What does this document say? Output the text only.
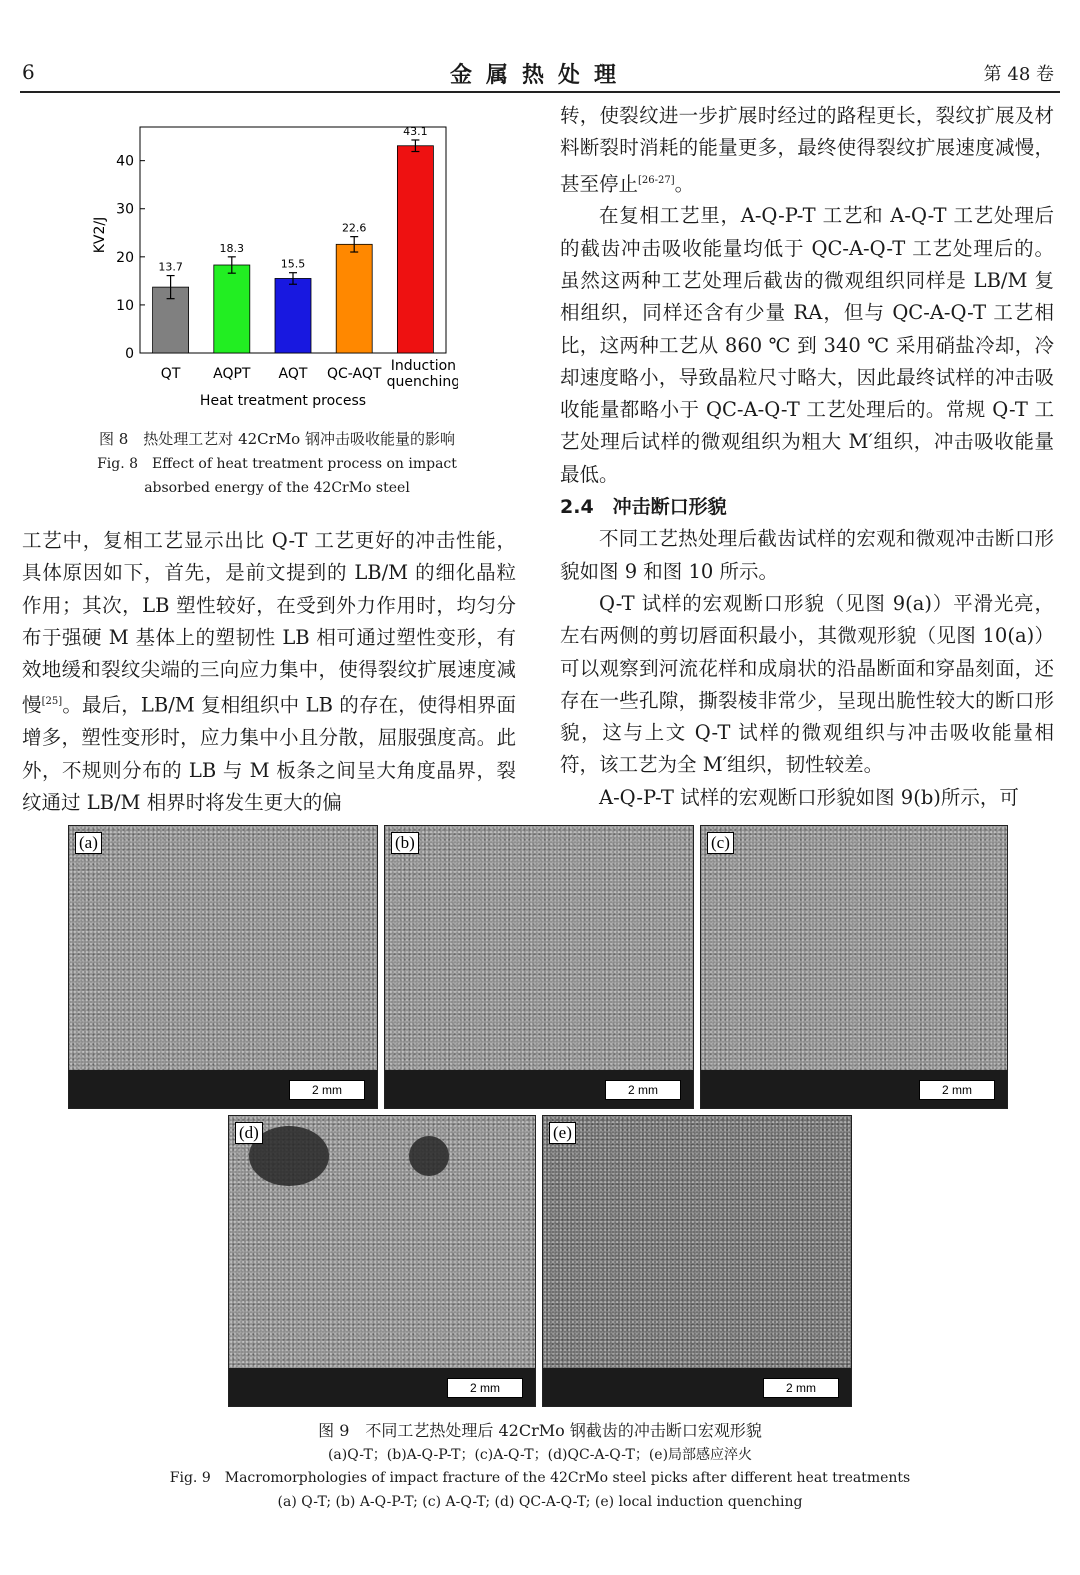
6	金属热处理	第 48 卷
0
10
20
30
40
KV2/J
13.7
QT
18.3
AQPT
15.5
AQT
22.6
QC-AQT
43.1
Induction
quenching
Heat treatment process
图 8　热处理工艺对 42CrMo 钢冲击吸收能量的影响
Fig. 8　Effect of heat treatment process on impact
absorbed energy of the 42CrMo steel

工艺中，复相工艺显示出比 Q-T 工艺更好的冲击性能，具体原因如下，首先，是前文提到的 LB/M 的细化晶粒作用；其次，LB 塑性较好，在受到外力作用时，均匀分布于强硬 M 基体上的塑韧性 LB 相可通过塑性变形，有效地缓和裂纹尖端的三向应力集中，使得裂纹扩展速度减慢[25]。最后，LB/M 复相组织中 LB 的存在，使得相界面增多，塑性变形时，应力集中小且分散，屈服强度高。此外，不规则分布的 LB 与 M 板条之间呈大角度晶界，裂纹通过 LB/M 相界时将发生更大的偏

转，使裂纹进一步扩展时经过的路程更长，裂纹扩展及材料断裂时消耗的能量更多，最终使得裂纹扩展速度减慢，甚至停止[26-27]。

在复相工艺里，A-Q-P-T 工艺和 A-Q-T 工艺处理后的截齿冲击吸收能量均低于 QC-A-Q-T 工艺处理后的。虽然这两种工艺处理后截齿的微观组织同样是 LB/M 复相组织，同样还含有少量 RA，但与 QC-A-Q-T 工艺相比，这两种工艺从 860 ℃ 到 340 ℃ 采用硝盐冷却，冷却速度略小，导致晶粒尺寸略大，因此最终试样的冲击吸收能量都略小于 QC-A-Q-T 工艺处理后的。常规 Q-T 工艺处理后试样的微观组织为粗大 M′组织，冲击吸收能量最低。

2.4　冲击断口形貌

不同工艺热处理后截齿试样的宏观和微观冲击断口形貌如图 9 和图 10 所示。

Q-T 试样的宏观断口形貌（见图 9(a)）平滑光亮，左右两侧的剪切唇面积最小，其微观形貌（见图 10(a)）可以观察到河流花样和成扇状的沿晶断面和穿晶刻面，还存在一些孔隙，撕裂棱非常少，呈现出脆性较大的断口形貌，这与上文 Q-T 试样的微观组织与冲击吸收能量相符，该工艺为全 M′组织，韧性较差。

A-Q-P-T 试样的宏观断口形貌如图 9(b)所示，可

(a)
2 mm
(b)
2 mm
(c)
2 mm
(d)
2 mm
(e)
2 mm
图 9　不同工艺热处理后 42CrMo 钢截齿的冲击断口宏观形貌
(a)Q-T；(b)A-Q-P-T；(c)A-Q-T；(d)QC-A-Q-T；(e)局部感应淬火
Fig. 9　Macromorphologies of impact fracture of the 42CrMo steel picks after different heat treatments
(a) Q-T; (b) A-Q-P-T; (c) A-Q-T; (d) QC-A-Q-T; (e) local induction quenching
